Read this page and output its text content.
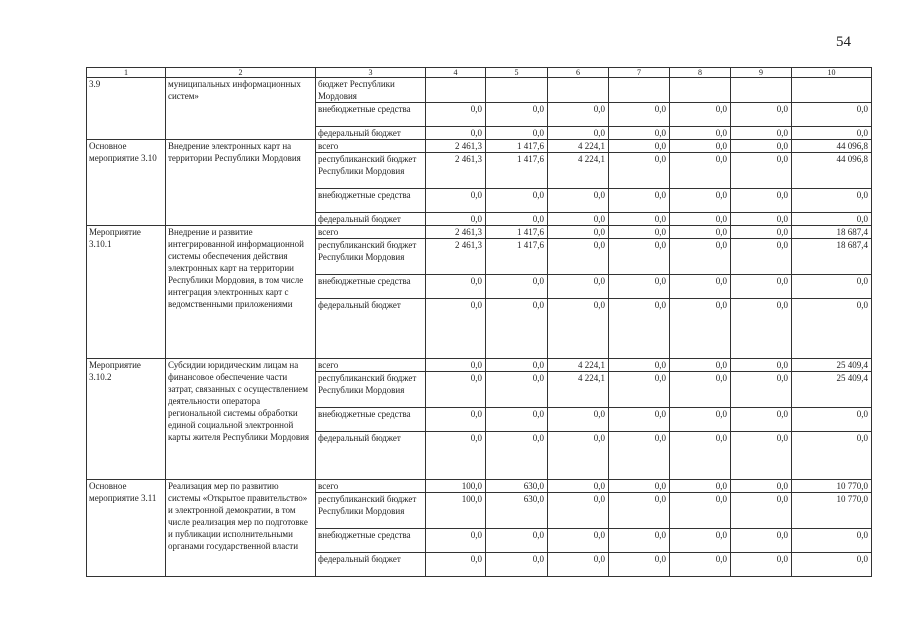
54
1	2	3	4	5	6	7	8	9	10
3.9	муниципальных информационных систем»	бюджет Республики Мордовия							
		внебюджетные средства	0,0	0,0	0,0	0,0	0,0	0,0	0,0
		федеральный бюджет	0,0	0,0	0,0	0,0	0,0	0,0	0,0
Основное мероприятие 3.10	Внедрение электронных карт на территории Республики Мордовия	всего	2 461,3	1 417,6	4 224,1	0,0	0,0	0,0	44 096,8
		республиканский бюджет Республики Мордовия	2 461,3	1 417,6	4 224,1	0,0	0,0	0,0	44 096,8
		внебюджетные средства	0,0	0,0	0,0	0,0	0,0	0,0	0,0
		федеральный бюджет	0,0	0,0	0,0	0,0	0,0	0,0	0,0
Мероприятие 3.10.1	Внедрение и развитие интегрированной информационной системы обеспечения действия электронных карт на территории Республики Мордовия, в том числе интеграция электронных карт с ведомственными приложениями	всего	2 461,3	1 417,6	0,0	0,0	0,0	0,0	18 687,4
		республиканский бюджет Республики Мордовия	2 461,3	1 417,6	0,0	0,0	0,0	0,0	18 687,4
		внебюджетные средства	0,0	0,0	0,0	0,0	0,0	0,0	0,0
		федеральный бюджет	0,0	0,0	0,0	0,0	0,0	0,0	0,0
Мероприятие 3.10.2	Субсидии юридическим лицам на финансовое обеспечение части затрат, связанных с осуществлением деятельности оператора региональной системы обработки единой социальной электронной карты жителя Республики Мордовия	всего	0,0	0,0	4 224,1	0,0	0,0	0,0	25 409,4
		республиканский бюджет Республики Мордовия	0,0	0,0	4 224,1	0,0	0,0	0,0	25 409,4
		внебюджетные средства	0,0	0,0	0,0	0,0	0,0	0,0	0,0
		федеральный бюджет	0,0	0,0	0,0	0,0	0,0	0,0	0,0
Основное мероприятие 3.11	Реализация мер по развитию системы «Открытое правительство» и электронной демократии, в том числе реализация мер по подготовке и публикации исполнительными органами государственной власти	всего	100,0	630,0	0,0	0,0	0,0	0,0	10 770,0
		республиканский бюджет Республики Мордовия	100,0	630,0	0,0	0,0	0,0	0,0	10 770,0
		внебюджетные средства	0,0	0,0	0,0	0,0	0,0	0,0	0,0
		федеральный бюджет	0,0	0,0	0,0	0,0	0,0	0,0	0,0
